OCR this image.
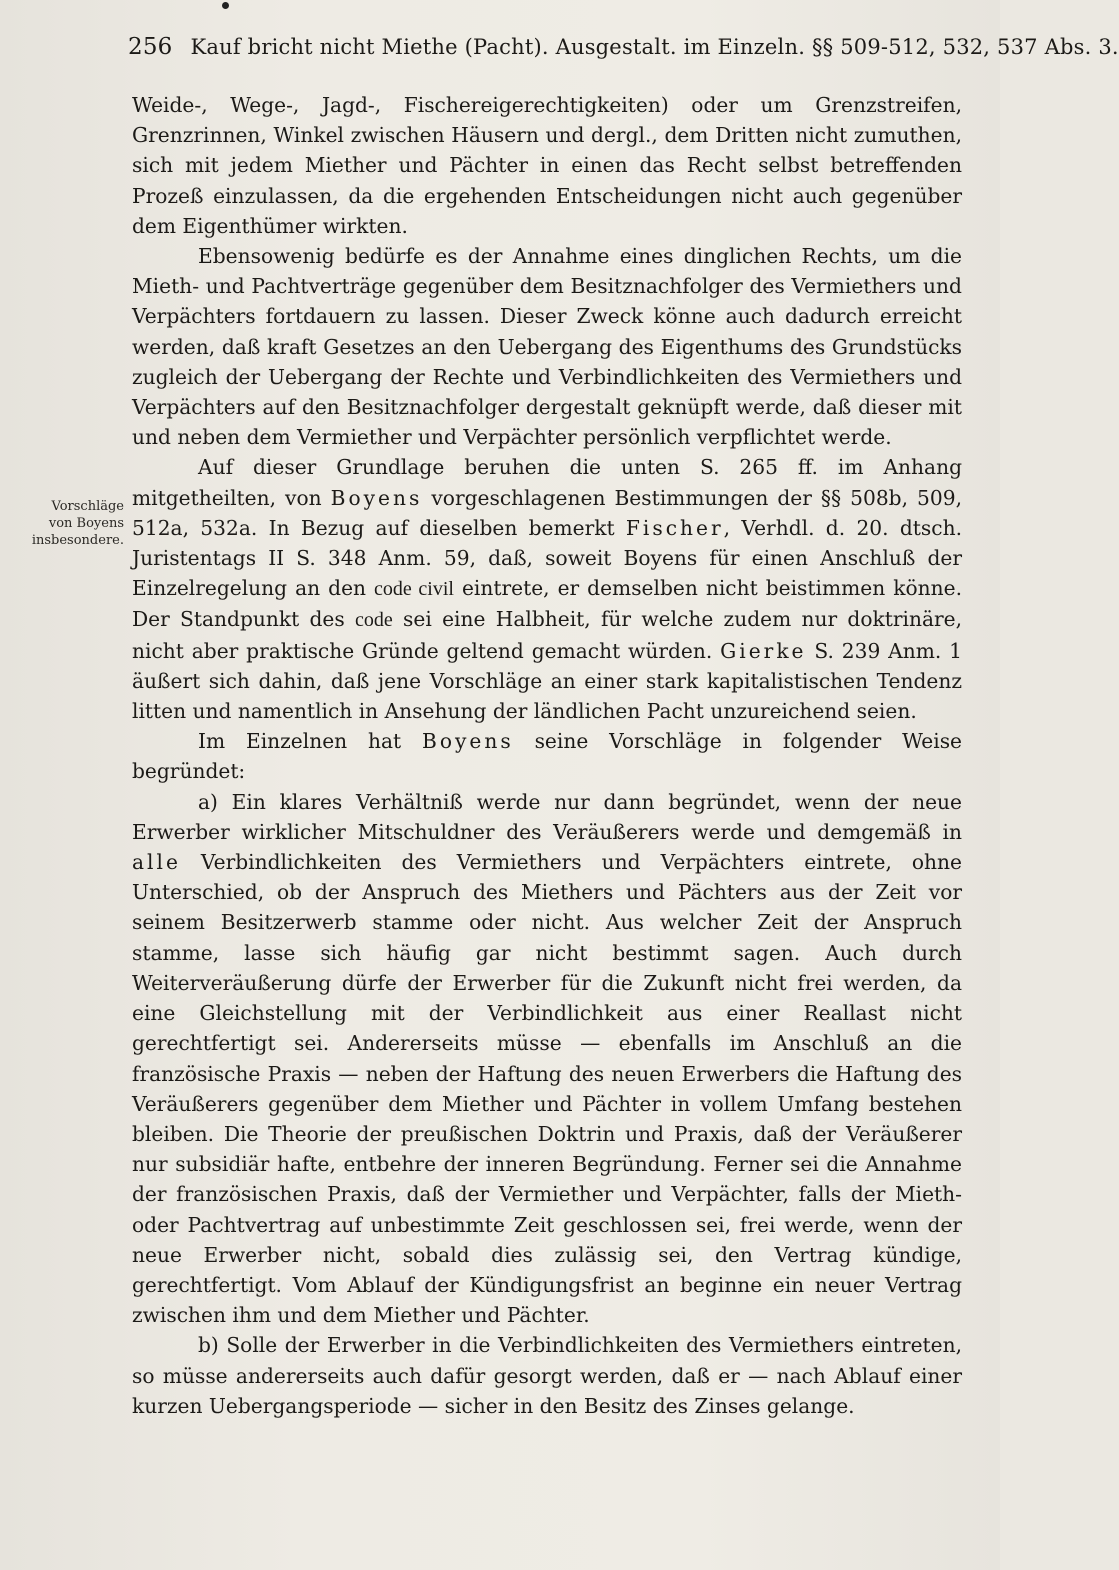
256 Kauf bricht nicht Miethe (Pacht). Ausgestalt. im Einzeln. §§ 509-512, 532, 537 Abs. 3.
Vorschläge
von Boyens
insbesondere.

Weide-, Wege-, Jagd-, Fischereigerechtigkeiten) oder um Grenzstreifen, Grenzrinnen, Winkel zwischen Häusern und dergl., dem Dritten nicht zumuthen, sich mit jedem Miether und Pächter in einen das Recht selbst betreffenden Prozeß einzulassen, da die ergehenden Entscheidungen nicht auch gegenüber dem Eigenthümer wirkten.

Ebensowenig bedürfe es der Annahme eines dinglichen Rechts, um die Mieth- und Pachtverträge gegenüber dem Besitznachfolger des Vermiethers und Verpächters fortdauern zu lassen. Dieser Zweck könne auch dadurch erreicht werden, daß kraft Gesetzes an den Uebergang des Eigenthums des Grundstücks zugleich der Uebergang der Rechte und Verbindlichkeiten des Vermiethers und Verpächters auf den Besitznachfolger dergestalt geknüpft werde, daß dieser mit und neben dem Vermiether und Verpächter persönlich verpflichtet werde.

Auf dieser Grundlage beruhen die unten S. 265 ff. im Anhang mitgetheilten, von Boyens vorgeschlagenen Bestimmungen der §§ 508b, 509, 512a, 532a. In Bezug auf dieselben bemerkt Fischer, Verhdl. d. 20. dtsch. Juristentags II S. 348 Anm. 59, daß, soweit Boyens für einen Anschluß der Einzelregelung an den code civil eintrete, er demselben nicht beistimmen könne. Der Standpunkt des code sei eine Halbheit, für welche zudem nur doktrinäre, nicht aber praktische Gründe geltend gemacht würden. Gierke S. 239 Anm. 1 äußert sich dahin, daß jene Vorschläge an einer stark kapitalistischen Tendenz litten und namentlich in Ansehung der ländlichen Pacht unzureichend seien.

Im Einzelnen hat Boyens seine Vorschläge in folgender Weise begründet:

a) Ein klares Verhältniß werde nur dann begründet, wenn der neue Erwerber wirklicher Mitschuldner des Veräußerers werde und demgemäß in alle Verbindlichkeiten des Vermiethers und Verpächters eintrete, ohne Unterschied, ob der Anspruch des Miethers und Pächters aus der Zeit vor seinem Besitzerwerb stamme oder nicht. Aus welcher Zeit der Anspruch stamme, lasse sich häufig gar nicht bestimmt sagen. Auch durch Weiterveräußerung dürfe der Erwerber für die Zukunft nicht frei werden, da eine Gleichstellung mit der Verbindlichkeit aus einer Reallast nicht gerechtfertigt sei. Andererseits müsse — ebenfalls im Anschluß an die französische Praxis — neben der Haftung des neuen Erwerbers die Haftung des Veräußerers gegenüber dem Miether und Pächter in vollem Umfang bestehen bleiben. Die Theorie der preußischen Doktrin und Praxis, daß der Veräußerer nur subsidiär hafte, entbehre der inneren Begründung. Ferner sei die Annahme der französischen Praxis, daß der Vermiether und Verpächter, falls der Mieth- oder Pachtvertrag auf unbestimmte Zeit geschlossen sei, frei werde, wenn der neue Erwerber nicht, sobald dies zulässig sei, den Vertrag kündige, gerechtfertigt. Vom Ablauf der Kündigungsfrist an beginne ein neuer Vertrag zwischen ihm und dem Miether und Pächter.

b) Solle der Erwerber in die Verbindlichkeiten des Vermiethers eintreten, so müsse andererseits auch dafür gesorgt werden, daß er — nach Ablauf einer kurzen Uebergangsperiode — sicher in den Besitz des Zinses gelange.
